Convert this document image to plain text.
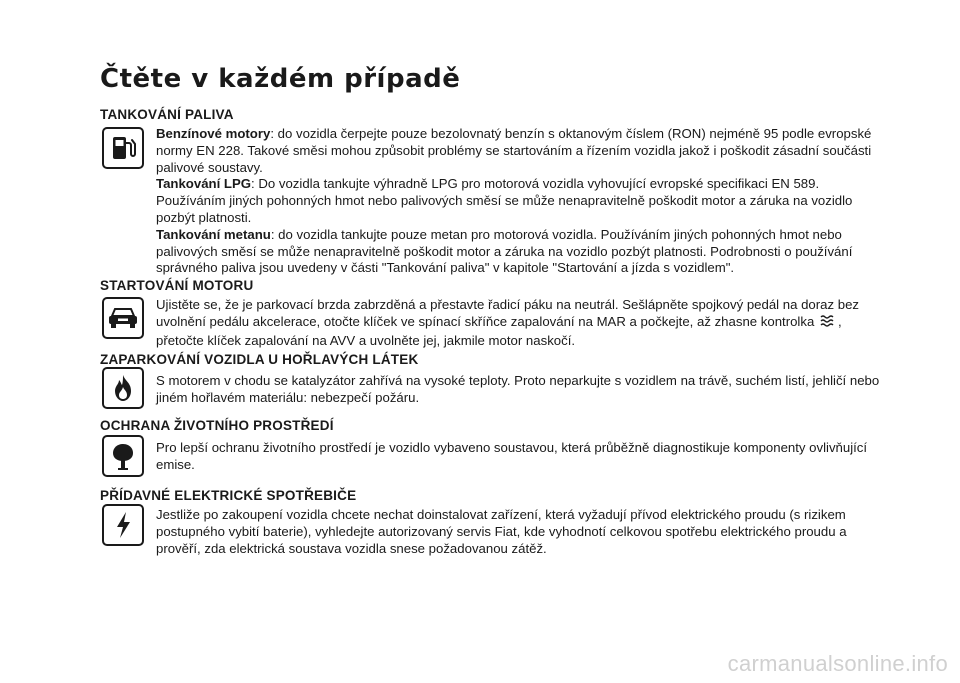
Čtěte v každém případě
TANKOVÁNÍ PALIVA

Benzínové motory: do vozidla čerpejte pouze bezolovnatý benzín s oktanovým číslem (RON) nejméně 95 podle evropské normy EN 228. Takové směsi mohou způsobit problémy se startováním a řízením vozidla jakož i poškodit zásadní součásti palivové soustavy.

Tankování LPG: Do vozidla tankujte výhradně LPG pro motorová vozidla vyhovující evropské specifikaci EN 589. Používáním jiných pohonných hmot nebo palivových směsí se může nenapravitelně poškodit motor a záruka na vozidlo pozbýt platnosti.

Tankování metanu: do vozidla tankujte pouze metan pro motorová vozidla. Používáním jiných pohonných hmot nebo palivových směsí se může nenapravitelně poškodit motor a záruka na vozidlo pozbýt platnosti. Podrobnosti o používání správného paliva jsou uvedeny v části "Tankování paliva" v kapitole "Startování a jízda s vozidlem".

STARTOVÁNÍ MOTORU

Ujistěte se, že je parkovací brzda zabrzděná a přestavte řadicí páku na neutrál. Sešlápněte spojkový pedál na doraz bez uvolnění pedálu akcelerace, otočte klíček ve spínací skříňce zapalování na MAR a počkejte, až zhasne kontrolka , přetočte klíček zapalování na AVV a uvolněte jej, jakmile motor naskočí.

ZAPARKOVÁNÍ VOZIDLA U HOŘLAVÝCH LÁTEK

S motorem v chodu se katalyzátor zahřívá na vysoké teploty. Proto neparkujte s vozidlem na trávě, suchém listí, jehličí nebo jiném hořlavém materiálu: nebezpečí požáru.

OCHRANA ŽIVOTNÍHO PROSTŘEDÍ

Pro lepší ochranu životního prostředí je vozidlo vybaveno soustavou, která průběžně diagnostikuje komponenty ovlivňující emise.

PŘÍDAVNÉ ELEKTRICKÉ SPOTŘEBIČE

Jestliže po zakoupení vozidla chcete nechat doinstalovat zařízení, která vyžadují přívod elektrického proudu (s rizikem postupného vybití baterie), vyhledejte autorizovaný servis Fiat, kde vyhodnotí celkovou spotřebu elektrického proudu a prověří, zda elektrická soustava vozidla snese požadovanou zátěž.

carmanualsonline.info
